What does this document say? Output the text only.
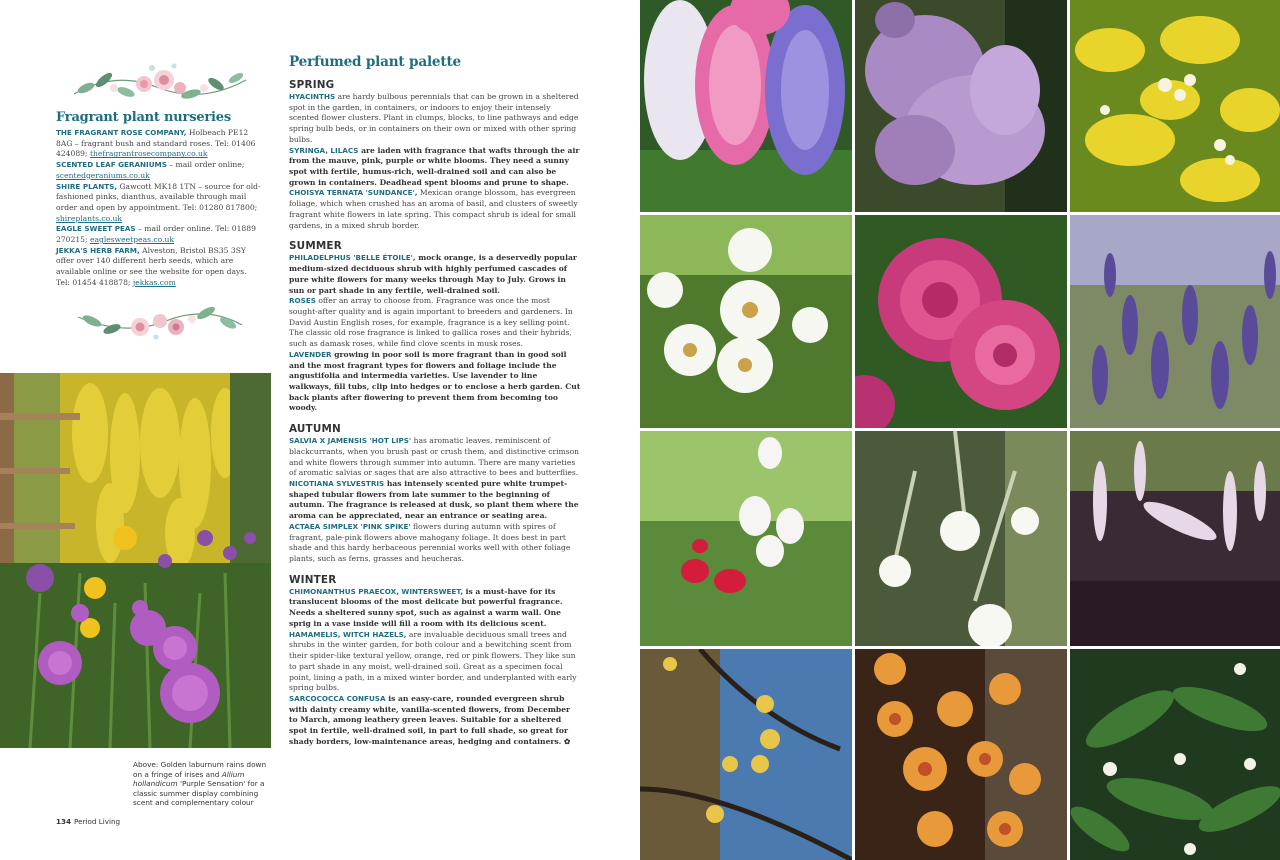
Fragrant plant nurseries

THE FRAGRANT ROSE COMPANY, Holbeach PE12 8AG – fragrant bush and standard roses. Tel: 01406 424089; thefragrantrosecompany.co.uk

SCENTED LEAF GERANIUMS – mail order online; scentedgeraniums.co.uk

SHIRE PLANTS, Gawcott MK18 1TN – source for old-fashioned pinks, dianthus, available through mail order and open by appointment. Tel: 01280 817800; shireplants.co.uk

EAGLE SWEET PEAS – mail order online. Tel: 01889 270215; eaglesweetpeas.co.uk

JEKKA'S HERB FARM, Alveston, Bristol BS35 3SY offer over 140 different herb seeds, which are available online or see the website for open days. Tel: 01454 418878; jekkas.com

Above: Golden laburnum rains down on a fringe of irises and Allium hollandicum 'Purple Sensation' for a classic summer display combining scent and complementary colour

134 Period Living
Perfumed plant palette
SPRING

HYACINTHS are hardy bulbous perennials that can be grown in a sheltered spot in the garden, in containers, or indoors to enjoy their intensely scented flower clusters. Plant in clumps, blocks, to line pathways and edge spring bulb beds, or in containers on their own or mixed with other spring bulbs.

SYRINGA, LILACS are laden with fragrance that wafts through the air from the mauve, pink, purple or white blooms. They need a sunny spot with fertile, humus-rich, well-drained soil and can also be grown in containers. Deadhead spent blooms and prune to shape.

CHOISYA TERNATA 'SUNDANCE', Mexican orange blossom, has evergreen foliage, which when crushed has an aroma of basil, and clusters of sweetly fragrant white flowers in late spring. This compact shrub is ideal for small gardens, in a mixed shrub border.

SUMMER

PHILADELPHUS 'BELLE ÉTOILE', mock orange, is a deservedly popular medium-sized deciduous shrub with highly perfumed cascades of pure white flowers for many weeks through May to July. Grows in sun or part shade in any fertile, well-drained soil.

ROSES offer an array to choose from. Fragrance was once the most sought-after quality and is again important to breeders and gardeners. In David Austin English roses, for example, fragrance is a key selling point. The classic old rose fragrance is linked to gallica roses and their hybrids, such as damask roses, while find clove scents in musk roses.

LAVENDER growing in poor soil is more fragrant than in good soil and the most fragrant types for flowers and foliage include the angustifolia and intermedia varieties. Use lavender to line walkways, fill tubs, clip into hedges or to enclose a herb garden. Cut back plants after flowering to prevent them from becoming too woody.

AUTUMN

SALVIA X JAMENSIS 'HOT LIPS' has aromatic leaves, reminiscent of blackcurrants, when you brush past or crush them, and distinctive crimson and white flowers through summer into autumn. There are many varieties of aromatic salvias or sages that are also attractive to bees and butterflies.

NICOTIANA SYLVESTRIS has intensely scented pure white trumpet-shaped tubular flowers from late summer to the beginning of autumn. The fragrance is released at dusk, so plant them where the aroma can be appreciated, near an entrance or seating area.

ACTAEA SIMPLEX 'PINK SPIKE' flowers during autumn with spires of fragrant, pale-pink flowers above mahogany foliage. It does best in part shade and this hardy herbaceous perennial works well with other foliage plants, such as ferns, grasses and heucheras.

WINTER

CHIMONANTHUS PRAECOX, WINTERSWEET, is a must-have for its translucent blooms of the most delicate but powerful fragrance. Needs a sheltered sunny spot, such as against a warm wall. One sprig in a vase inside will fill a room with its delicious scent.

HAMAMELIS, WITCH HAZELS, are invaluable deciduous small trees and shrubs in the winter garden, for both colour and a bewitching scent from their spider-like textural yellow, orange, red or pink flowers. They like sun to part shade in any moist, well-drained soil. Great as a specimen focal point, lining a path, in a mixed winter border, and underplanted with early spring bulbs.

SARCOCOCCA CONFUSA is an easy-care, rounded evergreen shrub with dainty creamy white, vanilla-scented flowers, from December to March, among leathery green leaves. Suitable for a sheltered spot in fertile, well-drained soil, in part to full shade, so great for shady borders, low-maintenance areas, hedging and containers. ✿
